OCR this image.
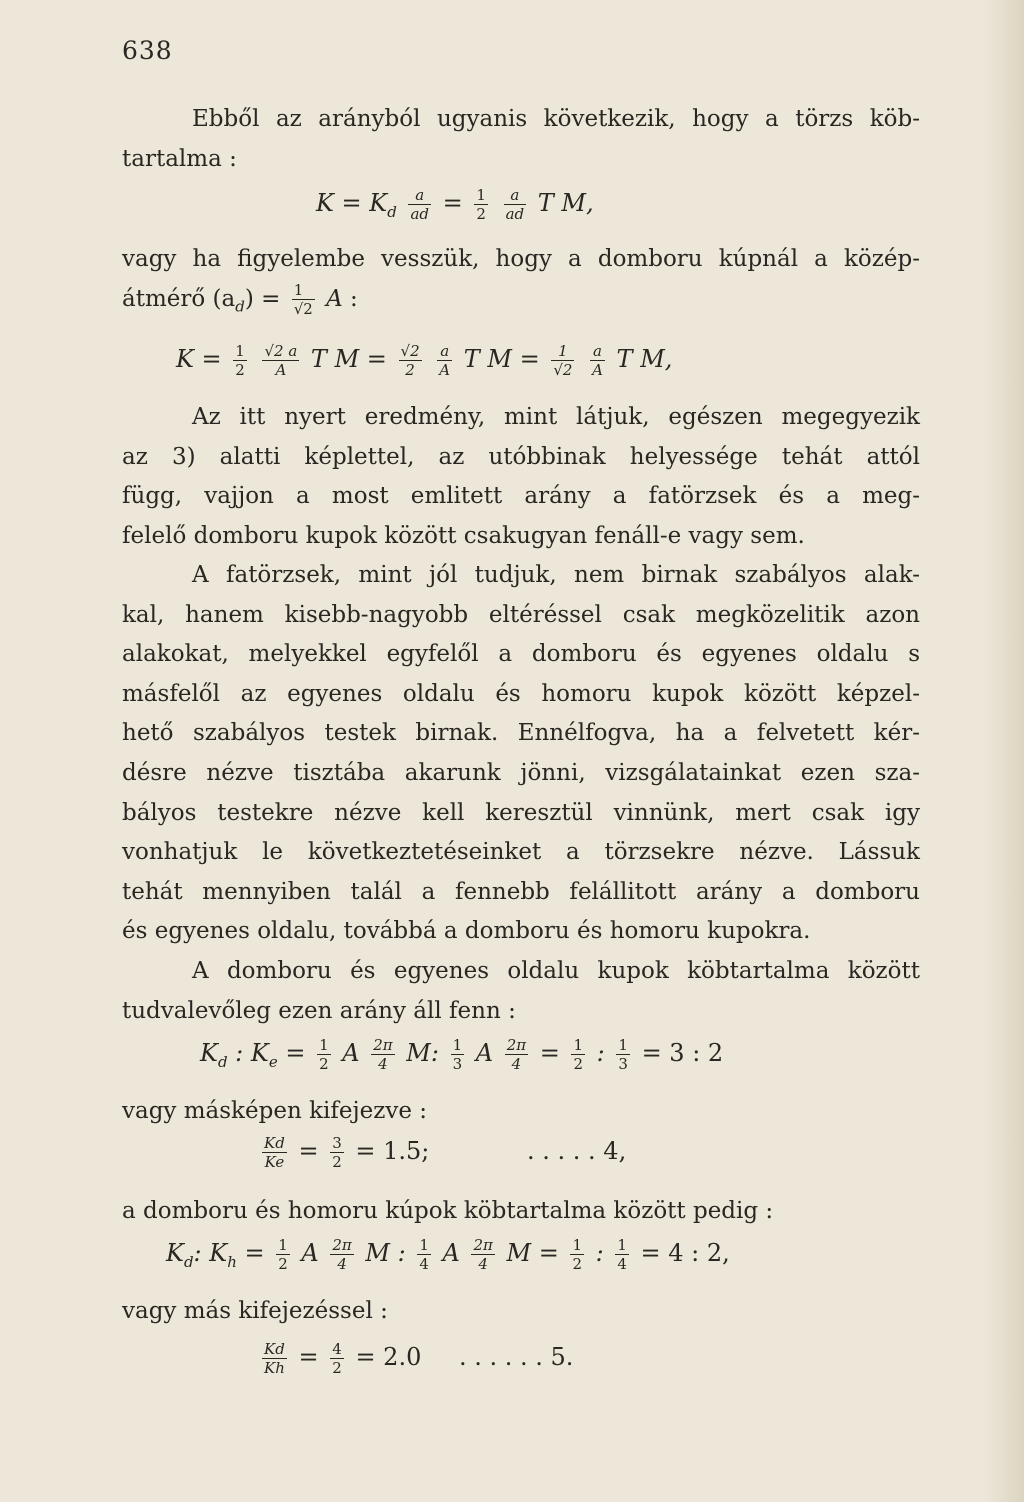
638
Ebből az arányból ugyanis következik, hogy a törzs köb-
tartalma :
$K = K_d \frac{a}{ad} = \frac{1}{2}$
$\frac{a}{ad}$ T M,
vagy ha figyelembe vesszük, hogy a domboru kúpnál a közép-
átmérő $(a_d) = \frac{1}{√2}$ A :
$K = \frac{1}{2}$
$\frac{√2 a}{A}$ T $M = \frac{√2}{2}$
$\frac{a}{A}$ T $M = \frac{1}{√2}$
$\frac{a}{A}$ T M,
Az itt nyert eredmény, mint látjuk, egészen megegyezik
az 3) alatti képlettel, az utóbbinak helyessége tehát attól
függ, vajjon a most emlitett arány a fatörzsek és a meg-
felelő domboru kupok között csakugyan fenáll-e vagy sem.
A fatörzsek, mint jól tudjuk, nem birnak szabályos alak-
kal, hanem kisebb-nagyobb eltéréssel csak megközelitik azon
alakokat, melyekkel egyfelől a domboru és egyenes oldalu s
másfelől az egyenes oldalu és homoru kupok között képzel-
hető szabályos testek birnak. Ennélfogva, ha a felvetett kér-
désre nézve tisztába akarunk jönni, vizsgálatainkat ezen sza-
bályos testekre nézve kell keresztül vinnünk, mert csak igy
vonhatjuk le következtetéseinket a törzsekre nézve. Lássuk
tehát mennyiben talál a fennebb felállitott arány a domboru
és egyenes oldalu, továbbá a domboru és homoru kupokra.
A domboru és egyenes oldalu kupok köbtartalma között
tudvalevőleg ezen arány áll fenn :
$K_d$ : $K_e = \frac{1}{2}$ A $\frac{2\pi}{4} M$: $\frac{1}{3}$ A $\frac{2\pi}{4} = \frac{1}{2}$ : $\frac{1}{3} = 3$ : 2
vagy másképen kifejezve :
$\frac{Kd}{Ke} = \frac{3}{2} = 1.5$;	. . . . . 4,
a domboru és homoru kúpok köbtartalma között pedig :
$K_d$: $K_h = \frac{1}{2}$ A $\frac{2\pi}{4}$ M : $\frac{1}{4}$ A $\frac{2\pi}{4}$ $M = \frac{1}{2}$ : $\frac{1}{4} = 4$ : 2,
vagy más kifejezéssel :
$\frac{Kd}{Kh} = \frac{4}{2} = 2.0$ . . . . . . 5.
